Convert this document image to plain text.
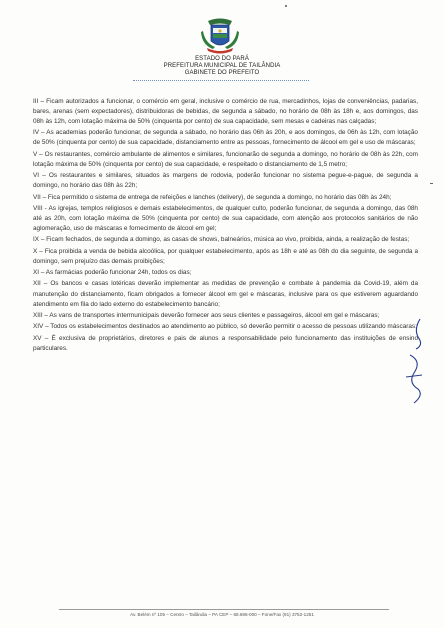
ESTADO DO PARÁ
PREFEITURA MUNICIPAL DE TAILÂNDIA
GABINETE DO PREFEITO

III – Ficam autorizados a funcionar, o comércio em geral, inclusive o comércio de rua, mercadinhos, lojas de conveniências, padarias, bares, arenas (sem expectadores), distribuidoras de bebidas, de segunda a sábado, no horário de 08h às 18h e, aos domingos, das 08h às 12h, com lotação máxima de 50% (cinquenta por cento) de sua capacidade, sem mesas e cadeiras nas calçadas;

IV – As academias poderão funcionar, de segunda a sábado, no horário das 06h às 20h, e aos domingos, de 06h às 12h, com lotação de 50% (cinquenta por cento) de sua capacidade, distanciamento entre as pessoas, fornecimento de álcool em gel e uso de máscaras;

V – Os restaurantes, comércio ambulante de alimentos e similares, funcionarão de segunda a domingo, no horário de 08h às 22h, com lotação máxima de 50% (cinquenta por cento) de sua capacidade, e respeitado o distanciamento de 1,5 metro;

VI – Os restaurantes e similares, situados às margens de rodovia, poderão funcionar no sistema pegue-e-pague, de segunda a domingo, no horário das 08h às 22h;

VII – Fica permitido o sistema de entrega de refeições e lanches (delivery), de segunda a domingo, no horário das 08h às 24h;

VIII - As igrejas, templos religiosos e demais estabelecimentos, de qualquer culto, poderão funcionar, de segunda a domingo, das 08h até as 20h, com lotação máxima de 50% (cinquenta por cento) de sua capacidade, com atenção aos protocolos sanitários de não aglomeração, uso de máscaras e fornecimento de álcool em gel;

IX – Ficam fechados, de segunda a domingo, as casas de shows, balneários, música ao vivo, proibida, ainda, a realização de festas;

X – Fica proibida a venda de bebida alcoólica, por qualquer estabelecimento, após as 18h e até as 08h do dia seguinte, de segunda a domingo, sem prejuízo das demais proibições;

XI – As farmácias poderão funcionar 24h, todos os dias;

XII – Os bancos e casas lotéricas deverão implementar as medidas de prevenção e combate à pandemia da Covid-19, além da manutenção do distanciamento, ficam obrigados a fornecer álcool em gel e máscaras, inclusive para os que estiverem aguardando atendimento em fila do lado externo do estabelecimento bancário;

XIII – As vans de transportes intermunicipais deverão fornecer aos seus clientes e passageiros, álcool em gel e máscaras;

XIV – Todos os estabelecimentos destinados ao atendimento ao público, só deverão permitir o acesso de pessoas utilizando máscaras;

XV – É exclusiva de proprietários, diretores e pais de alunos a responsabilidade pelo funcionamento das instituições de ensino particulares.

Av. Belém nº 105 – Centro – Tailândia – PA CEP – 68.695-000 – Fone/Fax (91) 3752-1251
